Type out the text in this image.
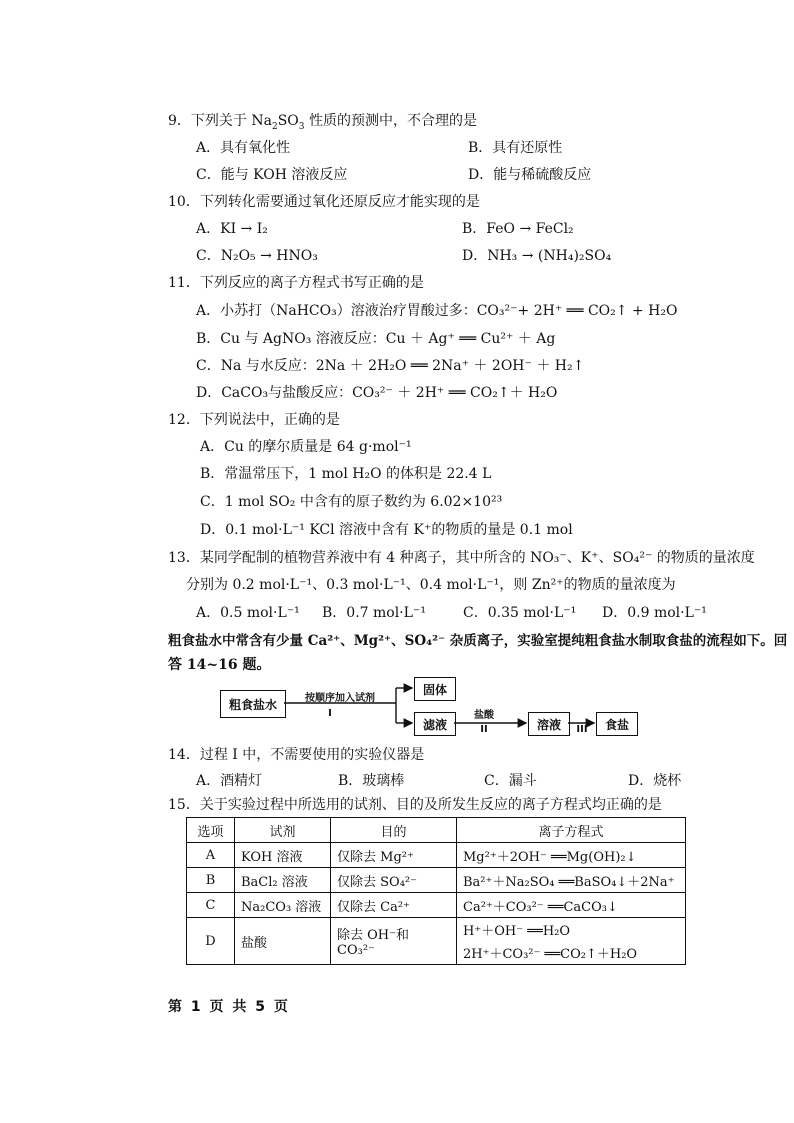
9．下列关于 $Na_2SO_3$ 性质的预测中，不合理的是
A．具有氧化性	B．具有还原性
C．能与 KOH 溶液反应	D．能与稀硫酸反应
10．下列转化需要通过氧化还原反应才能实现的是
A．KI → I₂	B．FeO → FeCl₂
C．N₂O₅ → HNO₃	D．NH₃ → (NH₄)₂SO₄
11．下列反应的离子方程式书写正确的是
A．小苏打（NaHCO₃）溶液治疗胃酸过多：CO₃²⁻+ 2H⁺ ══ CO₂↑ + H₂O
B．Cu 与 AgNO₃ 溶液反应：Cu ＋ Ag⁺ ══ Cu²⁺ ＋ Ag
C．Na 与水反应：2Na ＋ 2H₂O ══ 2Na⁺ ＋ 2OH⁻ ＋ H₂↑
D．CaCO₃与盐酸反应：CO₃²⁻ ＋ 2H⁺ ══ CO₂↑＋ H₂O
12．下列说法中，正确的是
A．Cu 的摩尔质量是 64 g·mol⁻¹
B．常温常压下，1 mol H₂O 的体积是 22.4 L
C．1 mol SO₂ 中含有的原子数约为 6.02×10²³
D．0.1 mol·L⁻¹ KCl 溶液中含有 K⁺的物质的量是 0.1 mol
13．某同学配制的植物营养液中有 4 种离子，其中所含的 NO₃⁻、K⁺、SO₄²⁻ 的物质的量浓度
分别为 0.2 mol·L⁻¹、0.3 mol·L⁻¹、0.4 mol·L⁻¹，则 Zn²⁺的物质的量浓度为
A．0.5 mol·L⁻¹ B．0.7 mol·L⁻¹	C．0.35 mol·L⁻¹ D．0.9 mol·L⁻¹
粗食盐水中常含有少量 Ca²⁺、Mg²⁺、SO₄²⁻ 杂质离子，实验室提纯粗食盐水制取食盐的流程如下。回
答 14~16 题。
粗食盐水	按顺序加入试剂
I
固体
滤液
盐酸
II	溶液	III	食盐
14．过程 I 中，不需要使用的实验仪器是
A．酒精灯	B．玻璃棒	C．漏斗	D．烧杯
15．关于实验过程中所选用的试剂、目的及所发生反应的离子方程式均正确的是
选项	试剂	目的	离子方程式
A	KOH 溶液	仅除去 Mg²⁺	Mg²⁺＋2OH⁻ ══Mg(OH)₂↓
B	BaCl₂ 溶液	仅除去 SO₄²⁻	Ba²⁺＋Na₂SO₄ ══BaSO₄↓＋2Na⁺
C	Na₂CO₃ 溶液	仅除去 Ca²⁺	Ca²⁺＋CO₃²⁻ ══CaCO₃↓
D	盐酸	除去 OH⁻和 CO₃²⁻	H⁺＋OH⁻ ══H₂O
2H⁺＋CO₃²⁻ ══CO₂↑＋H₂O
第 1 页 共 5 页
